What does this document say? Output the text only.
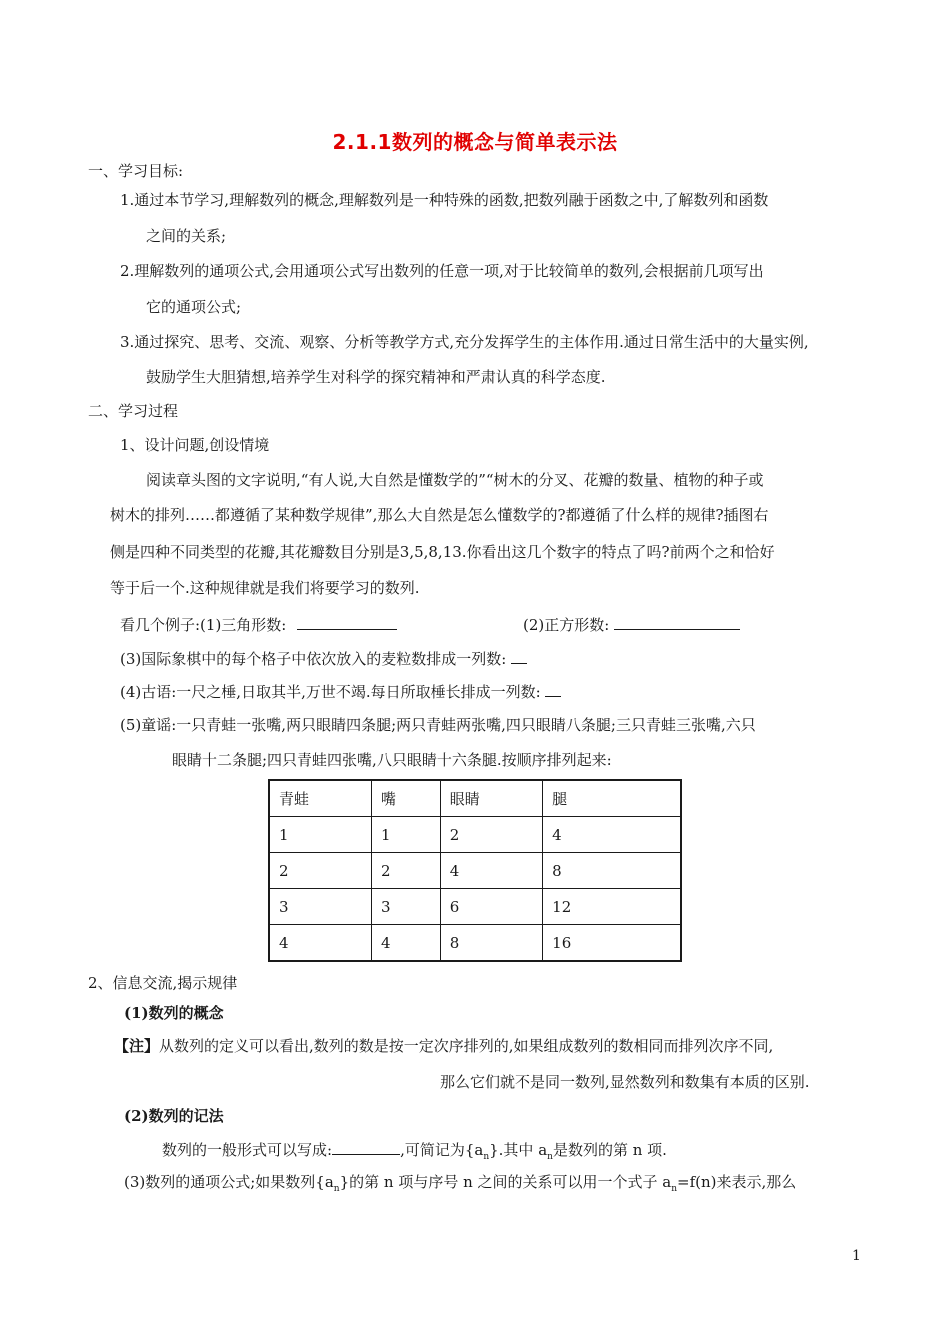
2.1.1数列的概念与简单表示法
一、学习目标:
1.通过本节学习,理解数列的概念,理解数列是一种特殊的函数,把数列融于函数之中,了解数列和函数
之间的关系;
2.理解数列的通项公式,会用通项公式写出数列的任意一项,对于比较简单的数列,会根据前几项写出
它的通项公式;
3.通过探究、思考、交流、观察、分析等教学方式,充分发挥学生的主体作用.通过日常生活中的大量实例,
鼓励学生大胆猜想,培养学生对科学的探究精神和严肃认真的科学态度.
二、学习过程
1、设计问题,创设情境
阅读章头图的文字说明,“有人说,大自然是懂数学的”“树木的分叉、花瓣的数量、植物的种子或
树木的排列……都遵循了某种数学规律”,那么大自然是怎么懂数学的?都遵循了什么样的规律?插图右
侧是四种不同类型的花瓣,其花瓣数目分别是3,5,8,13.你看出这几个数字的特点了吗?前两个之和恰好
等于后一个.这种规律就是我们将要学习的数列.
看几个例子:(1)三角形数:	(2)正方形数:
(3)国际象棋中的每个格子中依次放入的麦粒数排成一列数:
(4)古语:一尺之棰,日取其半,万世不竭.每日所取棰长排成一列数:
(5)童谣:一只青蛙一张嘴,两只眼睛四条腿;两只青蛙两张嘴,四只眼睛八条腿;三只青蛙三张嘴,六只
眼睛十二条腿;四只青蛙四张嘴,八只眼睛十六条腿.按顺序排列起来:
青蛙	嘴	眼睛	腿
1	1	2	4
2	2	4	8
3	3	6	12
4	4	8	16
2、信息交流,揭示规律
(1)数列的概念
【注】从数列的定义可以看出,数列的数是按一定次序排列的,如果组成数列的数相同而排列次序不同,
那么它们就不是同一数列,显然数列和数集有本质的区别.
(2)数列的记法
数列的一般形式可以写成:	,可简记为$\{a_n\}$.其中 $a_n$是数列的第 n 项.
(3)数列的通项公式;如果数列$\{a_n\}$的第 n 项与序号 n 之间的关系可以用一个式子 $a_n=f(n)$来表示,那么
1
